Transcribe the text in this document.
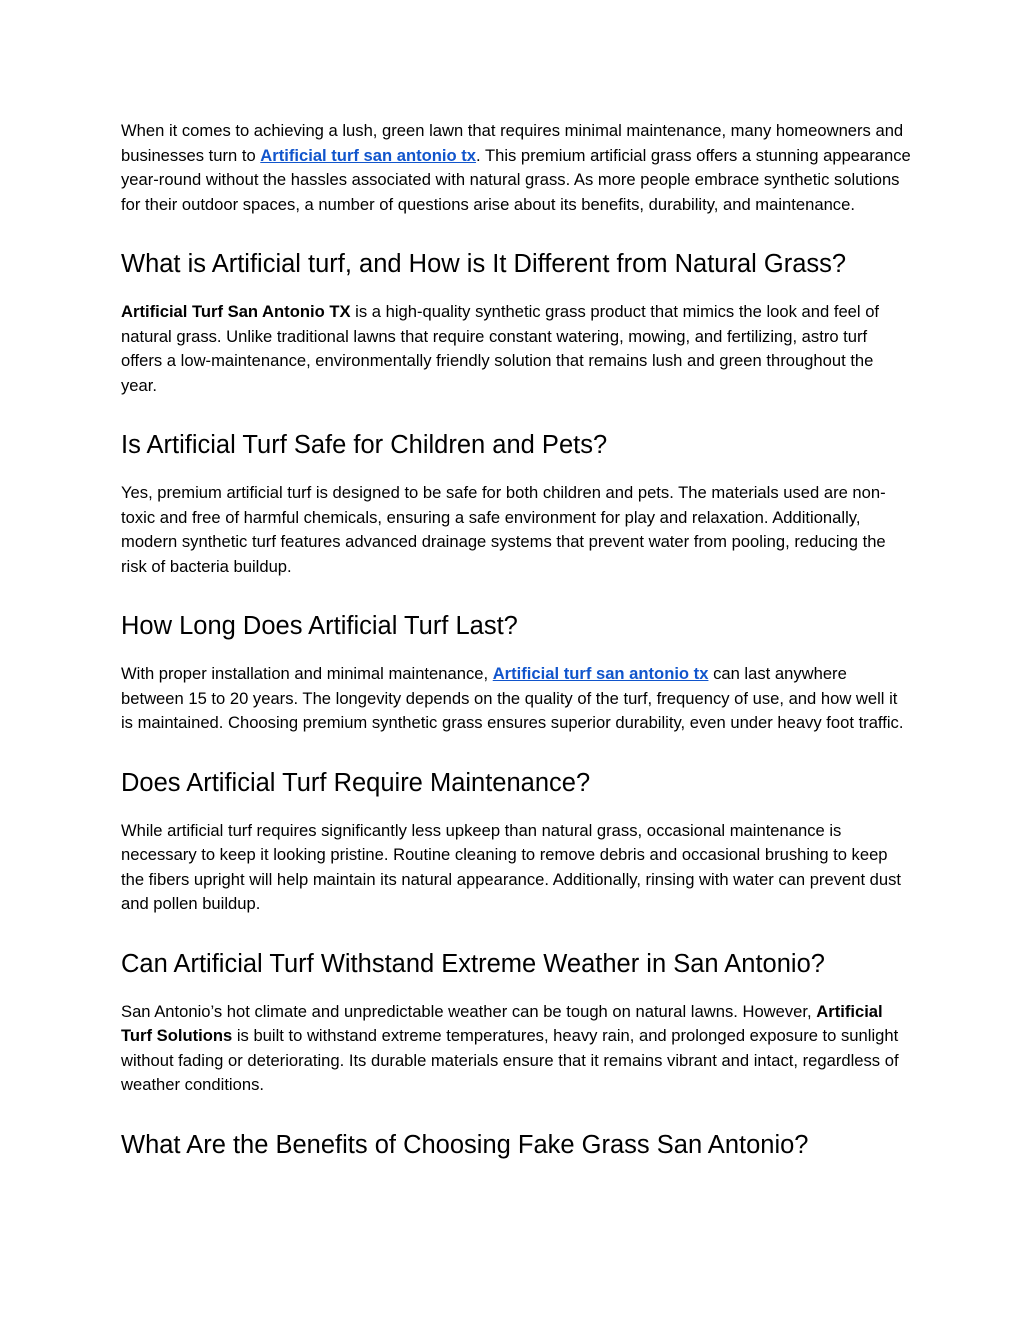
When it comes to achieving a lush, green lawn that requires minimal maintenance, many homeowners and businesses turn to Artificial turf san antonio tx. This premium artificial grass offers a stunning appearance year-round without the hassles associated with natural grass. As more people embrace synthetic solutions for their outdoor spaces, a number of questions arise about its benefits, durability, and maintenance.

What is Artificial turf, and How is It Different from Natural Grass?

Artificial Turf San Antonio TX is a high-quality synthetic grass product that mimics the look and feel of natural grass. Unlike traditional lawns that require constant watering, mowing, and fertilizing, astro turf offers a low-maintenance, environmentally friendly solution that remains lush and green throughout the year.

Is Artificial Turf Safe for Children and Pets?

Yes, premium artificial turf is designed to be safe for both children and pets. The materials used are non-toxic and free of harmful chemicals, ensuring a safe environment for play and relaxation. Additionally, modern synthetic turf features advanced drainage systems that prevent water from pooling, reducing the risk of bacteria buildup.

How Long Does Artificial Turf Last?

With proper installation and minimal maintenance, Artificial turf san antonio tx can last anywhere between 15 to 20 years. The longevity depends on the quality of the turf, frequency of use, and how well it is maintained. Choosing premium synthetic grass ensures superior durability, even under heavy foot traffic.

Does Artificial Turf Require Maintenance?

While artificial turf requires significantly less upkeep than natural grass, occasional maintenance is necessary to keep it looking pristine. Routine cleaning to remove debris and occasional brushing to keep the fibers upright will help maintain its natural appearance. Additionally, rinsing with water can prevent dust and pollen buildup.

Can Artificial Turf Withstand Extreme Weather in San Antonio?

San Antonio’s hot climate and unpredictable weather can be tough on natural lawns. However, Artificial Turf Solutions is built to withstand extreme temperatures, heavy rain, and prolonged exposure to sunlight without fading or deteriorating. Its durable materials ensure that it remains vibrant and intact, regardless of weather conditions.

What Are the Benefits of Choosing Fake Grass San Antonio?
